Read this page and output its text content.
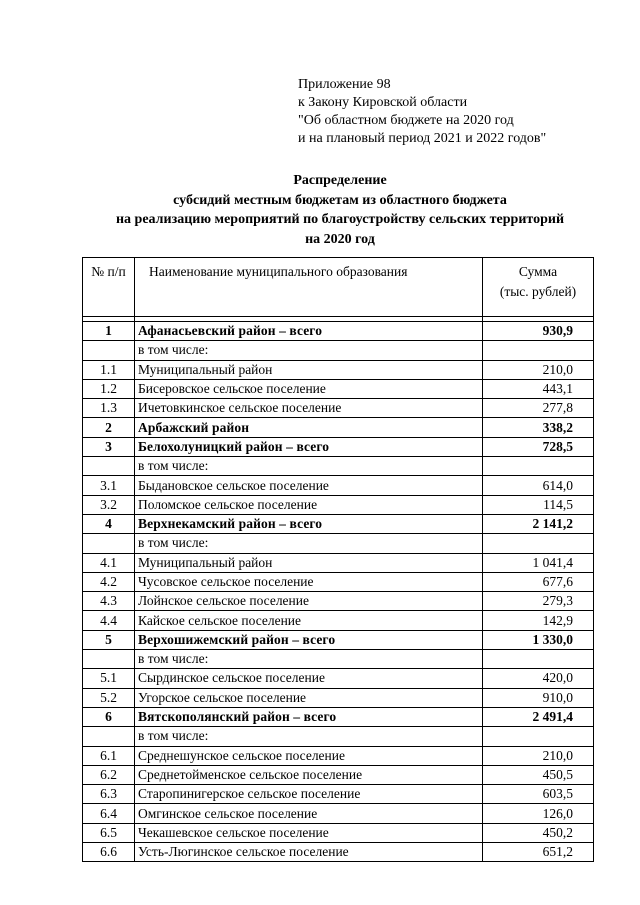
Приложение 98
к Закону Кировской области
"Об областном бюджете на 2020 год
и на плановый период 2021 и 2022 годов"
Распределение
субсидий местным бюджетам из областного бюджета
на реализацию мероприятий по благоустройству сельских территорий
на 2020 год
№ п/п	Наименование муниципального образования	Сумма
(тыс. рублей)

1	Афанасьевский район – всего	930,9
	в том числе:	
1.1	Муниципальный район	210,0
1.2	Бисеровское сельское поселение	443,1
1.3	Ичетовкинское сельское поселение	277,8
2	Арбажский район	338,2
3	Белохолуницкий район – всего	728,5
	в том числе:	
3.1	Быдановское сельское поселение	614,0
3.2	Поломское сельское поселение	114,5
4	Верхнекамский район – всего	2 141,2
	в том числе:	
4.1	Муниципальный район	1 041,4
4.2	Чусовское сельское поселение	677,6
4.3	Лойнское сельское поселение	279,3
4.4	Кайское сельское поселение	142,9
5	Верхошижемский район – всего	1 330,0
	в том числе:	
5.1	Сырдинское сельское поселение	420,0
5.2	Угорское сельское поселение	910,0
6	Вятскополянский район – всего	2 491,4
	в том числе:	
6.1	Среднешунское сельское поселение	210,0
6.2	Среднетойменское сельское поселение	450,5
6.3	Старопинигерское сельское поселение	603,5
6.4	Омгинское сельское поселение	126,0
6.5	Чекашевское сельское поселение	450,2
6.6	Усть-Люгинское сельское поселение	651,2
